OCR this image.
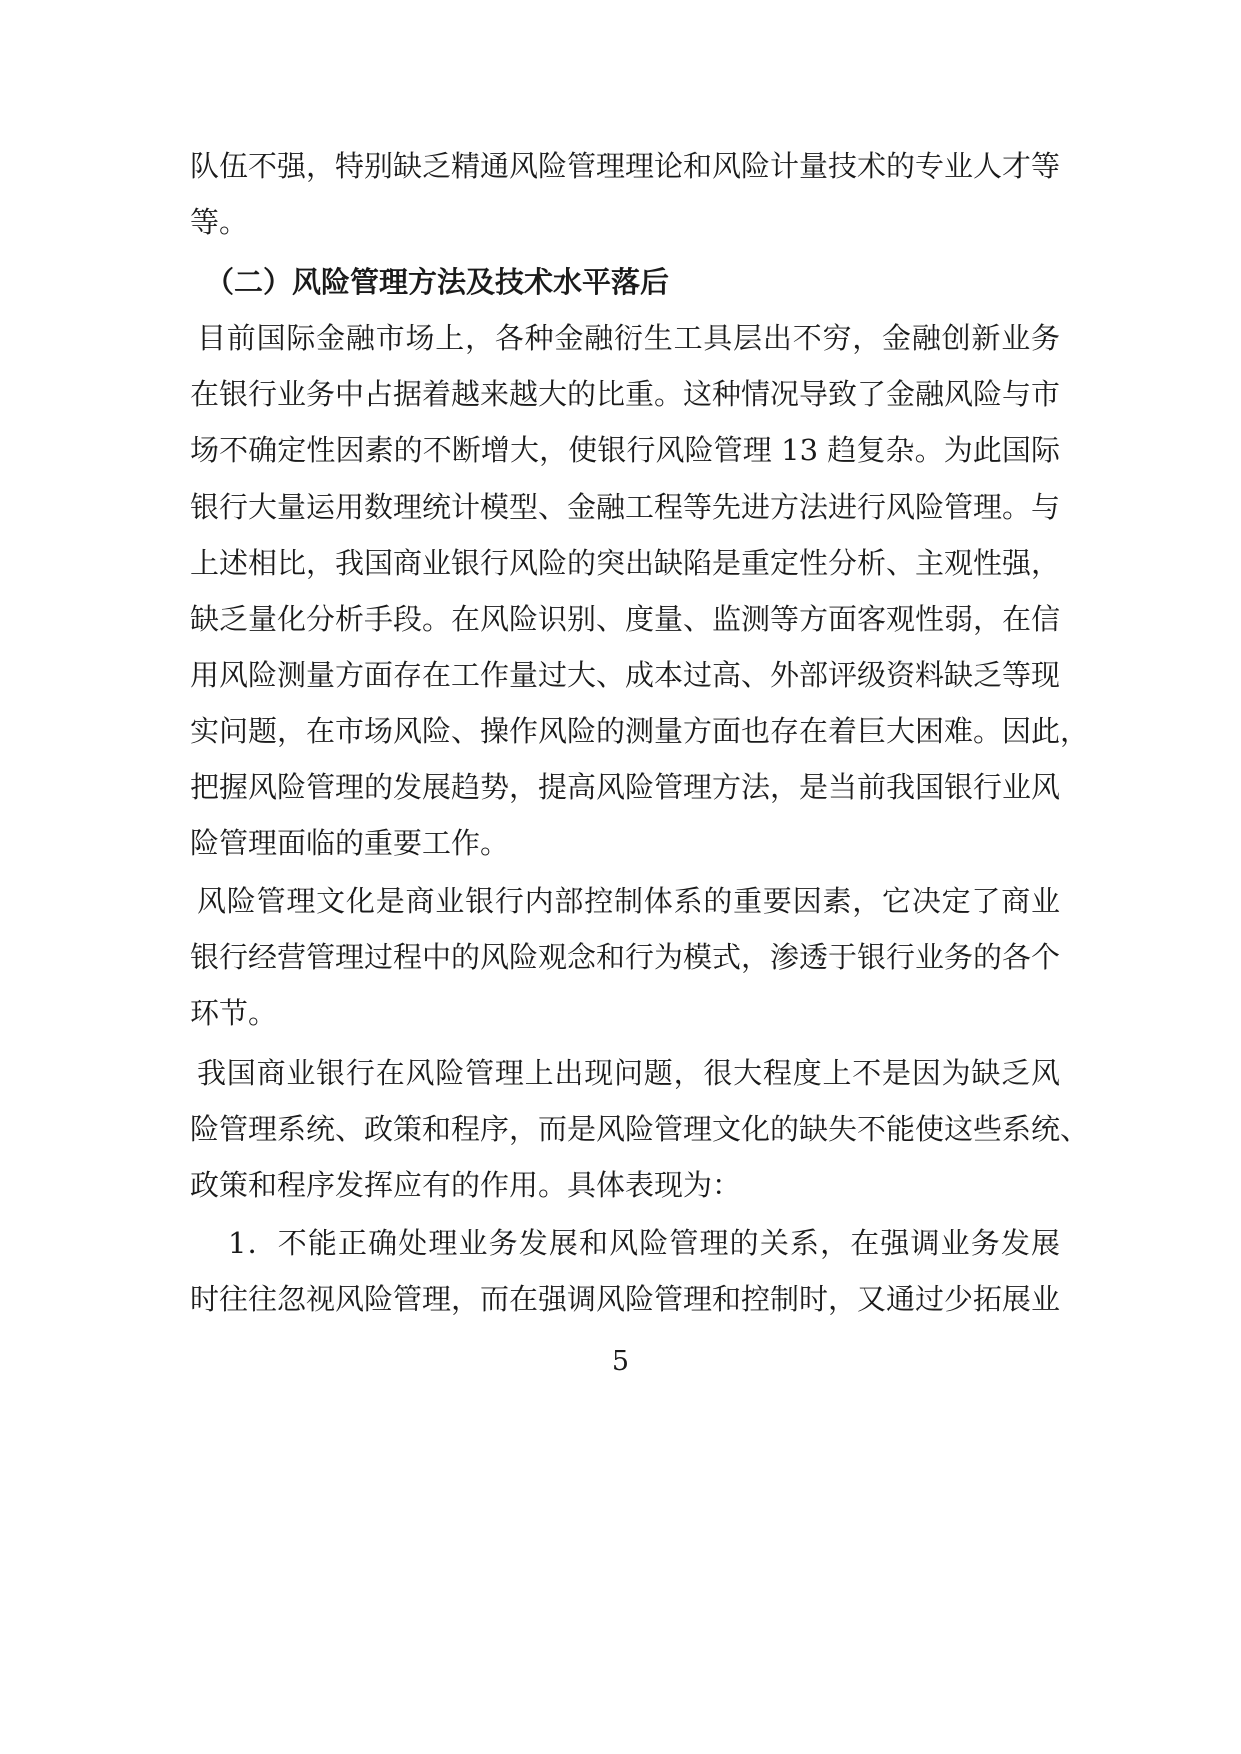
队伍不强，特别缺乏精通风险管理理论和风险计量技术的专业人才等
等。
（二）风险管理方法及技术水平落后
目前国际金融市场上，各种金融衍生工具层出不穷，金融创新业务
在银行业务中占据着越来越大的比重。这种情况导致了金融风险与市
场不确定性因素的不断增大，使银行风险管理 13 趋复杂。为此国际
银行大量运用数理统计模型、金融工程等先进方法进行风险管理。与
上述相比，我国商业银行风险的突出缺陷是重定性分析、主观性强，
缺乏量化分析手段。在风险识别、度量、监测等方面客观性弱，在信
用风险测量方面存在工作量过大、成本过高、外部评级资料缺乏等现
实问题，在市场风险、操作风险的测量方面也存在着巨大困难。因此，
把握风险管理的发展趋势，提高风险管理方法，是当前我国银行业风
险管理面临的重要工作。
风险管理文化是商业银行内部控制体系的重要因素，它决定了商业
银行经营管理过程中的风险观念和行为模式，渗透于银行业务的各个
环节。
我国商业银行在风险管理上出现问题，很大程度上不是因为缺乏风
险管理系统、政策和程序，而是风险管理文化的缺失不能使这些系统、
政策和程序发挥应有的作用。具体表现为：
1．不能正确处理业务发展和风险管理的关系，在强调业务发展
时往往忽视风险管理，而在强调风险管理和控制时，又通过少拓展业
5
